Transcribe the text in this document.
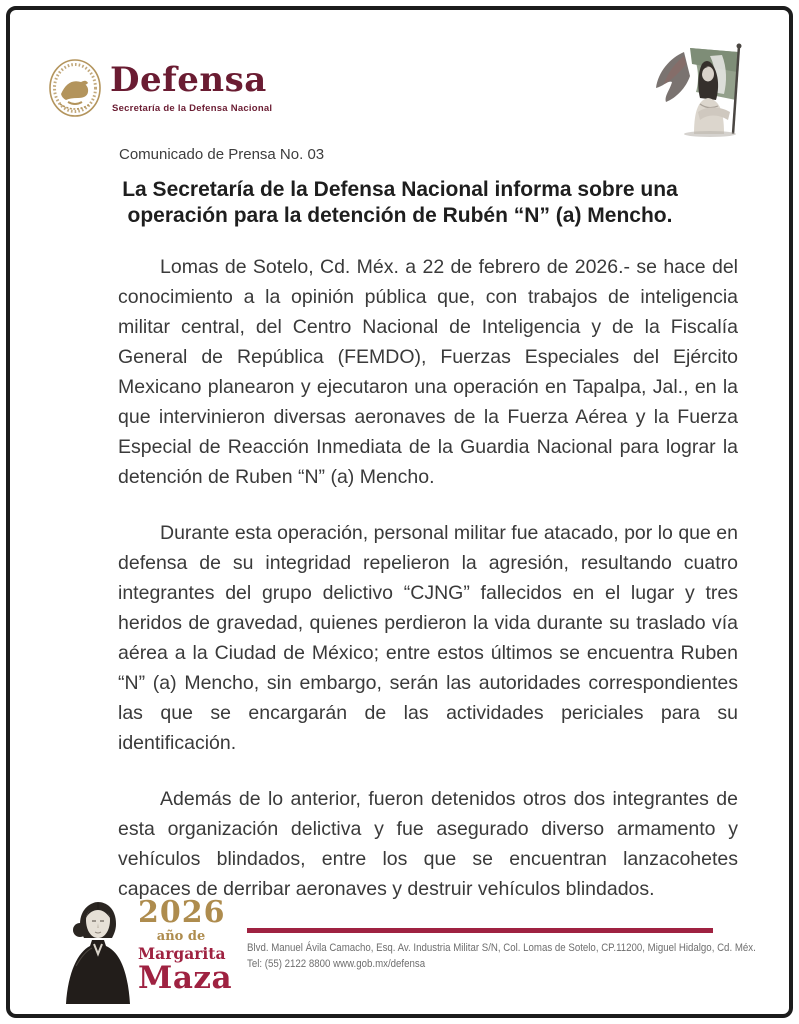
Defensa
Secretaría de la Defensa Nacional
Comunicado de Prensa No. 03
La Secretaría de la Defensa Nacional informa sobre una operación para la detención de Rubén “N” (a) Mencho.

Lomas de Sotelo, Cd. Méx. a 22 de febrero de 2026.- se hace del conocimiento a la opinión pública que, con trabajos de inteligencia militar central, del Centro Nacional de Inteligencia y de la Fiscalía General de República (FEMDO), Fuerzas Especiales del Ejército Mexicano planearon y ejecutaron una operación en Tapalpa, Jal., en la que intervinieron diversas aeronaves de la Fuerza Aérea y la Fuerza Especial de Reacción Inmediata de la Guardia Nacional para lograr la detención de Ruben “N” (a) Mencho.

Durante esta operación, personal militar fue atacado, por lo que en defensa de su integridad repelieron la agresión, resultando cuatro integrantes del grupo delictivo “CJNG” fallecidos en el lugar y tres heridos de gravedad, quienes perdieron la vida durante su traslado vía aérea a la Ciudad de México; entre estos últimos se encuentra Ruben “N” (a) Mencho, sin embargo, serán las autoridades correspondientes las que se encargarán de las actividades periciales para su identificación.

Además de lo anterior, fueron detenidos otros dos integrantes de esta organización delictiva y fue asegurado diverso armamento y vehículos blindados, entre los que se encuentran lanzacohetes capaces de derribar aeronaves y destruir vehículos blindados.

2026
año de
Margarita
Maza
Blvd. Manuel Ávila Camacho, Esq. Av. Industria Militar S/N, Col. Lomas de Sotelo, CP.11200, Miguel Hidalgo, Cd. Méx.
Tel: (55) 2122 8800 www.gob.mx/defensa
